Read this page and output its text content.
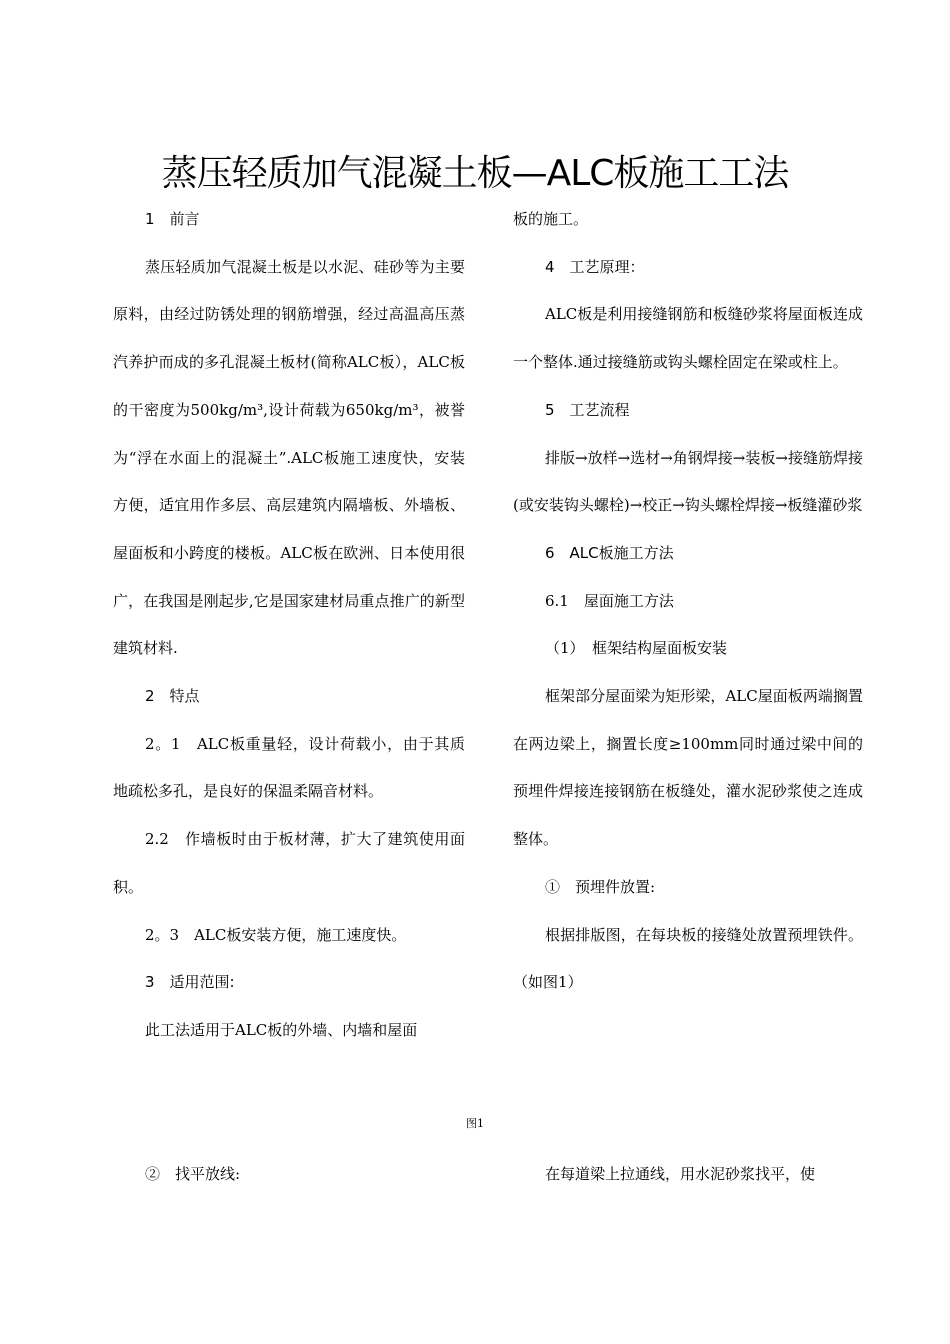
蒸压轻质加气混凝土板—ALC板施工工法

1　前言

蒸压轻质加气混凝土板是以水泥、硅砂等为主要原料，由经过防锈处理的钢筋增强，经过高温高压蒸汽养护而成的多孔混凝土板材(简称ALC板），ALC板的干密度为500kg/m³,设计荷载为650kg/m³，被誉为“浮在水面上的混凝土”.ALC板施工速度快，安装方便，适宜用作多层、高层建筑内隔墙板、外墙板、屋面板和小跨度的楼板。ALC板在欧洲、日本使用很广，在我国是刚起步,它是国家建材局重点推广的新型建筑材料.

2　特点

2。1　ALC板重量轻，设计荷载小，由于其质地疏松多孔，是良好的保温柔隔音材料。

2.2　作墙板时由于板材薄，扩大了建筑使用面积。

2。3　ALC板安装方便，施工速度快。

3　适用范围:

此工法适用于ALC板的外墙、内墙和屋面

板的施工。

4　工艺原理：

ALC板是利用接缝钢筋和板缝砂浆将屋面板连成一个整体.通过接缝筋或钩头螺栓固定在梁或柱上。

5　工艺流程

排版→放样→选材→角钢焊接→装板→接缝筋焊接(或安装钩头螺栓)→校正→钩头螺栓焊接→板缝灌砂浆

6　ALC板施工方法

6.1　屋面施工方法

（1）　框架结构屋面板安装

框架部分屋面梁为矩形梁，ALC屋面板两端搁置在两边梁上，搁置长度≥100mm同时通过梁中间的预埋件焊接连接钢筋在板缝处，灌水泥砂浆使之连成整体。

①　预埋件放置:

根据排版图，在每块板的接缝处放置预埋铁件。（如图1）

图1

②　找平放线:	在每道梁上拉通线，用水泥砂浆找平，使
